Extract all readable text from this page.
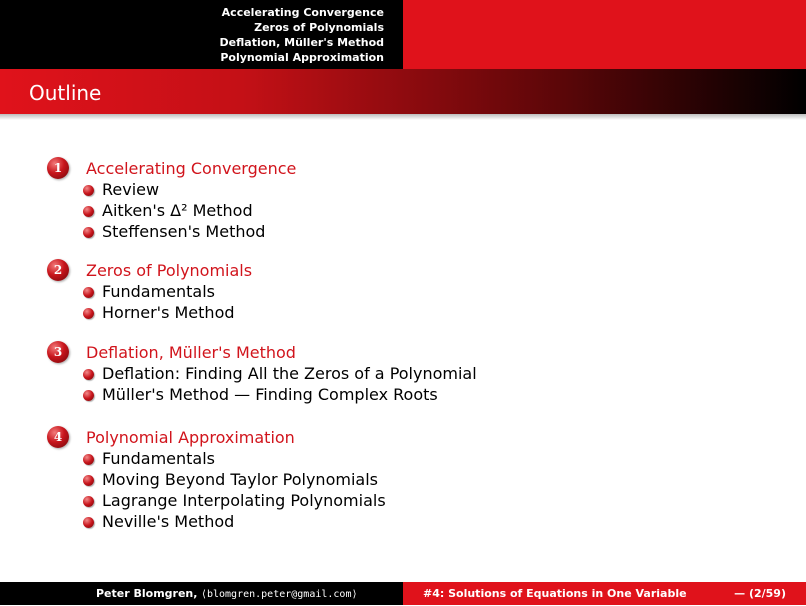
Accelerating Convergence
Zeros of Polynomials
Deflation, Müller's Method
Polynomial Approximation
Outline
1	Accelerating Convergence
Review
Aitken's Δ² Method
Steffensen's Method
2	Zeros of Polynomials
Fundamentals
Horner's Method
3	Deflation, Müller's Method
Deflation: Finding All the Zeros of a Polynomial
Müller's Method — Finding Complex Roots
4	Polynomial Approximation
Fundamentals
Moving Beyond Taylor Polynomials
Lagrange Interpolating Polynomials
Neville's Method
Peter Blomgren, ⟨blomgren.peter@gmail.com⟩	#4: Solutions of Equations in One Variable	— (2/59)
